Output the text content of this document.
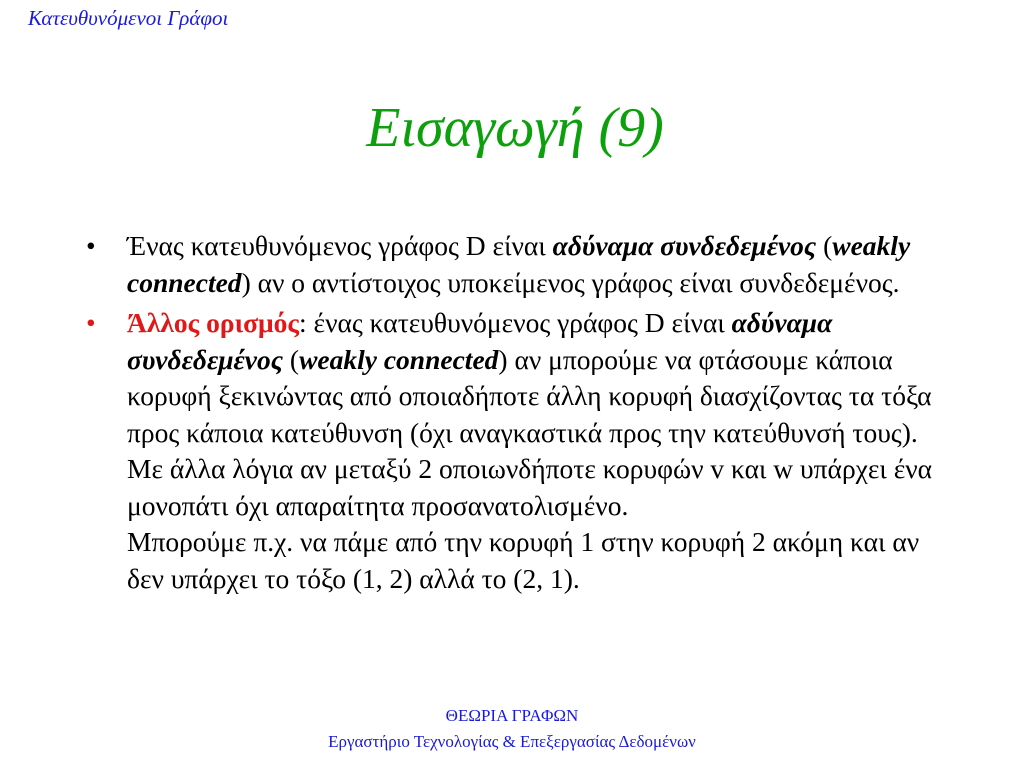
Κατευθυνόμενοι Γράφοι
Εισαγωγή (9)
• Ένας κατευθυνόμενος γράφος D είναι αδύναμα συνδεδεμένος (weakly connected) αν ο αντίστοιχος υποκείμενος γράφος είναι συνδεδεμένος.
• Άλλος ορισμός: ένας κατευθυνόμενος γράφος D είναι αδύναμα συνδεδεμένος (weakly connected) αν μπορούμε να φτάσουμε κάποια κορυφή ξεκινώντας από οποιαδήποτε άλλη κορυφή διασχίζοντας τα τόξα προς κάποια κατεύθυνση (όχι αναγκαστικά προς την κατεύθυνσή τους). Με άλλα λόγια αν μεταξύ 2 οποιωνδήποτε κορυφών v και w υπάρχει ένα μονοπάτι όχι απαραίτητα προσανατολισμένο.
Μπορούμε π.χ. να πάμε από την κορυφή 1 στην κορυφή 2 ακόμη και αν δεν υπάρχει το τόξο (1, 2) αλλά το (2, 1).
ΘΕΩΡΙΑ ΓΡΑΦΩΝ
Εργαστήριο Τεχνολογίας & Επεξεργασίας Δεδομένων
